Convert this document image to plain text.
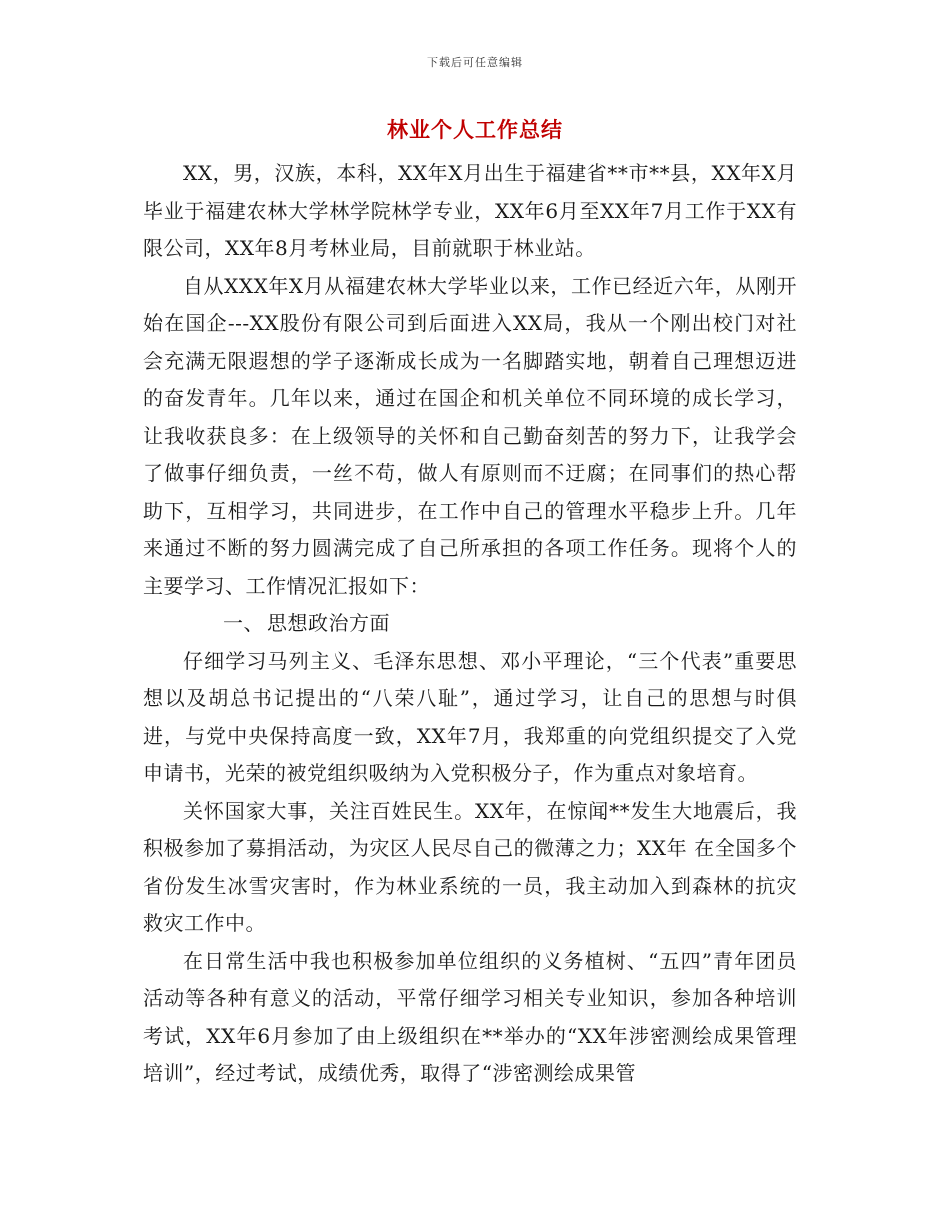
下载后可任意编辑
林业个人工作总结

XX，男，汉族，本科，XX年X月出生于福建省**市**县，XX年X月毕业于福建农林大学林学院林学专业，XX年6月至XX年7月工作于XX有限公司，XX年8月考林业局，目前就职于林业站。

自从XXX年X月从福建农林大学毕业以来，工作已经近六年，从刚开始在国企---XX股份有限公司到后面进入XX局，我从一个刚出校门对社会充满无限遐想的学子逐渐成长成为一名脚踏实地，朝着自己理想迈进的奋发青年。几年以来，通过在国企和机关单位不同环境的成长学习，让我收获良多：在上级领导的关怀和自己勤奋刻苦的努力下，让我学会了做事仔细负责，一丝不苟，做人有原则而不迂腐；在同事们的热心帮助下，互相学习，共同进步，在工作中自己的管理水平稳步上升。几年来通过不断的努力圆满完成了自己所承担的各项工作任务。现将个人的主要学习、工作情况汇报如下：

一、 思想政治方面

仔细学习马列主义、毛泽东思想、邓小平理论，“三个代表”重要思想以及胡总书记提出的“八荣八耻”，通过学习，让自己的思想与时俱进，与党中央保持高度一致，XX年7月，我郑重的向党组织提交了入党申请书，光荣的被党组织吸纳为入党积极分子，作为重点对象培育。

关怀国家大事，关注百姓民生。XX年，在惊闻**发生大地震后，我积极参加了募捐活动，为灾区人民尽自己的微薄之力；XX年 在全国多个省份发生冰雪灾害时，作为林业系统的一员，我主动加入到森林的抗灾救灾工作中。

在日常生活中我也积极参加单位组织的义务植树、“五四”青年团员活动等各种有意义的活动，平常仔细学习相关专业知识，参加各种培训考试，XX年6月参加了由上级组织在**举办的“XX年涉密测绘成果管理培训”，经过考试，成绩优秀，取得了“涉密测绘成果管
